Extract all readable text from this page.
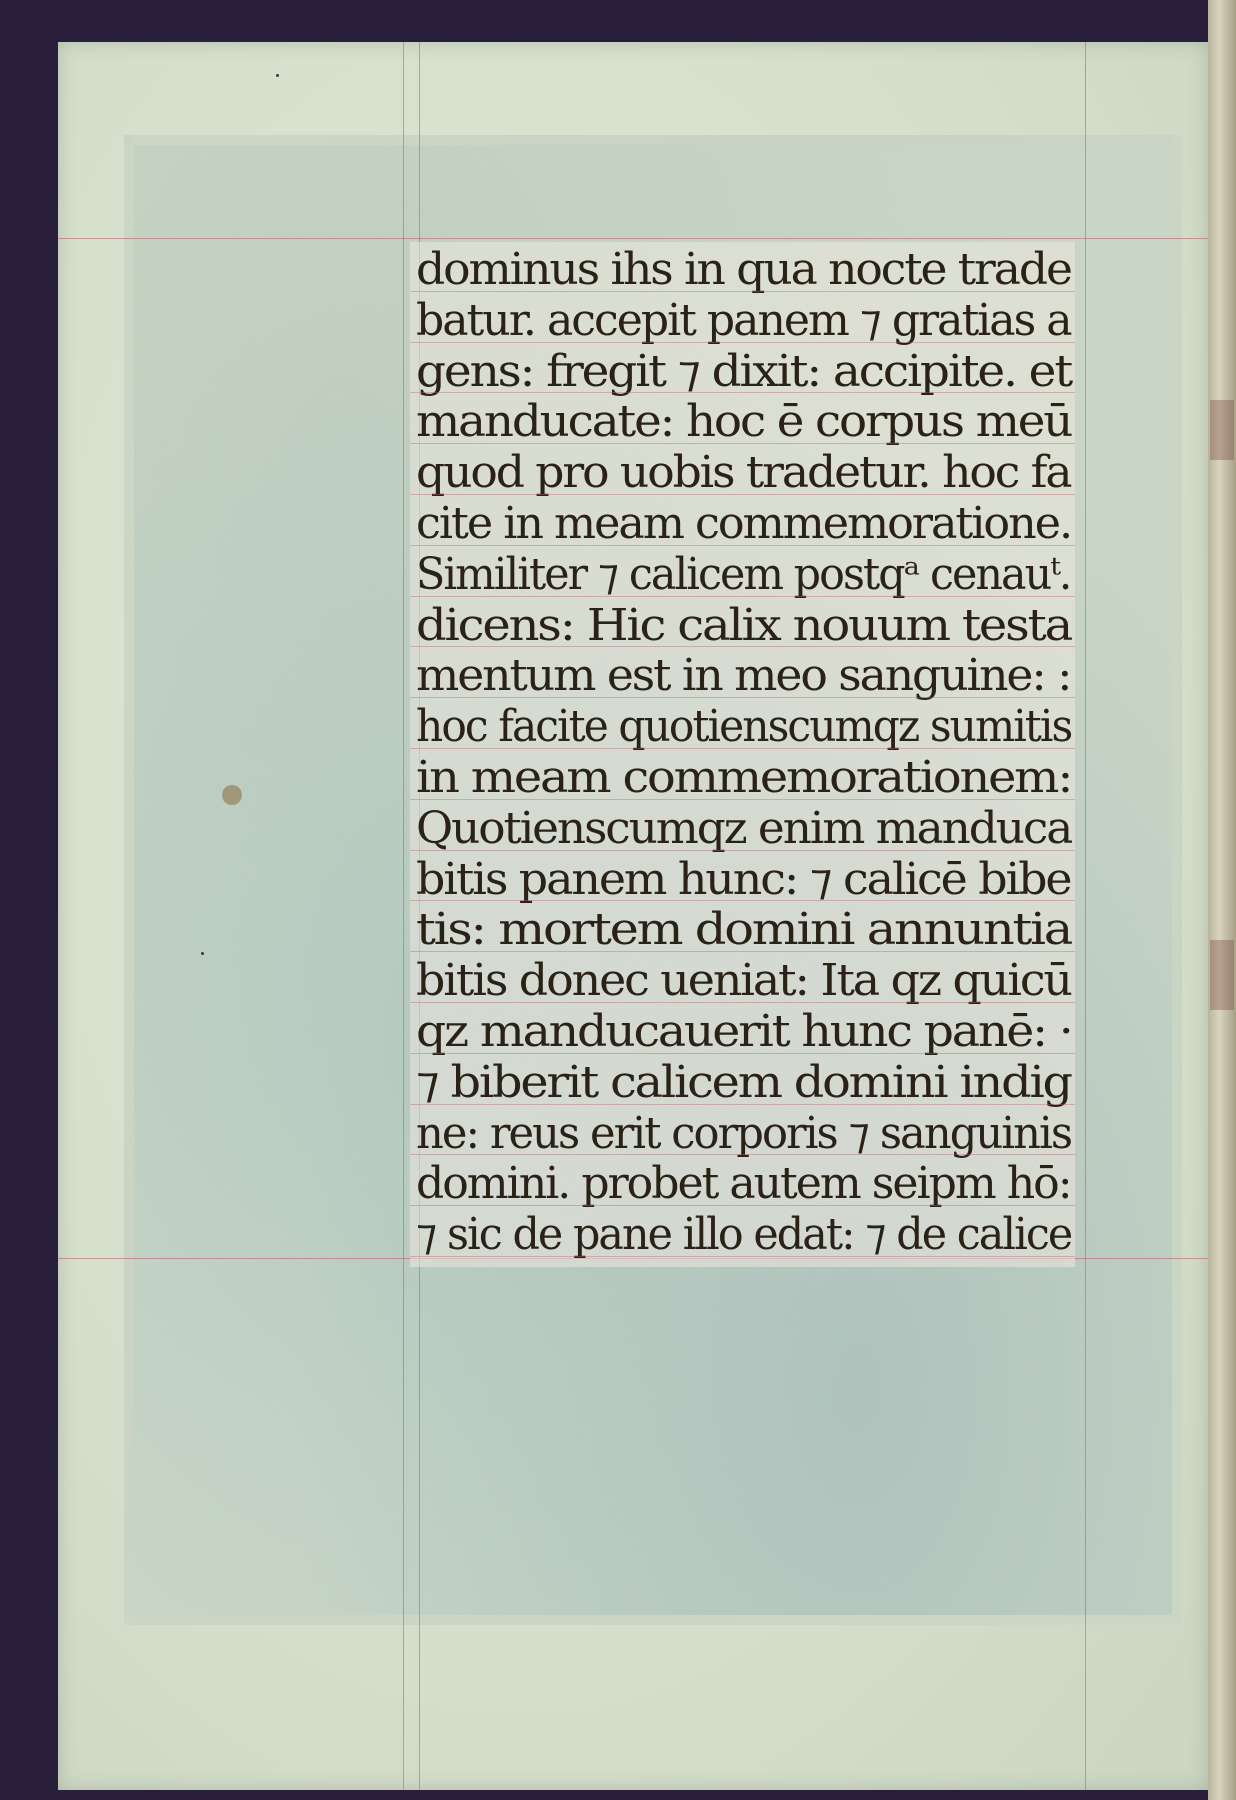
dominus ihs in qua nocte trade
batur. accepit panem ⁊ gratias a
gens: fregit ⁊ dixit: accipite. et
manducate: hoc ē corpus meū
quod pro uobis tradetur. hoc fa
cite in meam commemoratione.
Similiter ⁊ calicem postqᵃ cenauᵗ.
dicens: Hic calix nouum testa
mentum est in meo sanguine: :
hoc facite quotienscumqz sumitis
in meam commemorationem:
Quotienscumqz enim manduca
bitis panem hunc: ⁊ calicē bibe
tis: mortem domini annuntia
bitis donec ueniat: Ita qz quicū
qz manducauerit hunc panē: ·
⁊ biberit calicem domini indig
ne: reus erit corporis ⁊ sanguinis
domini. probet autem seipm hō:
⁊ sic de pane illo edat: ⁊ de calice
